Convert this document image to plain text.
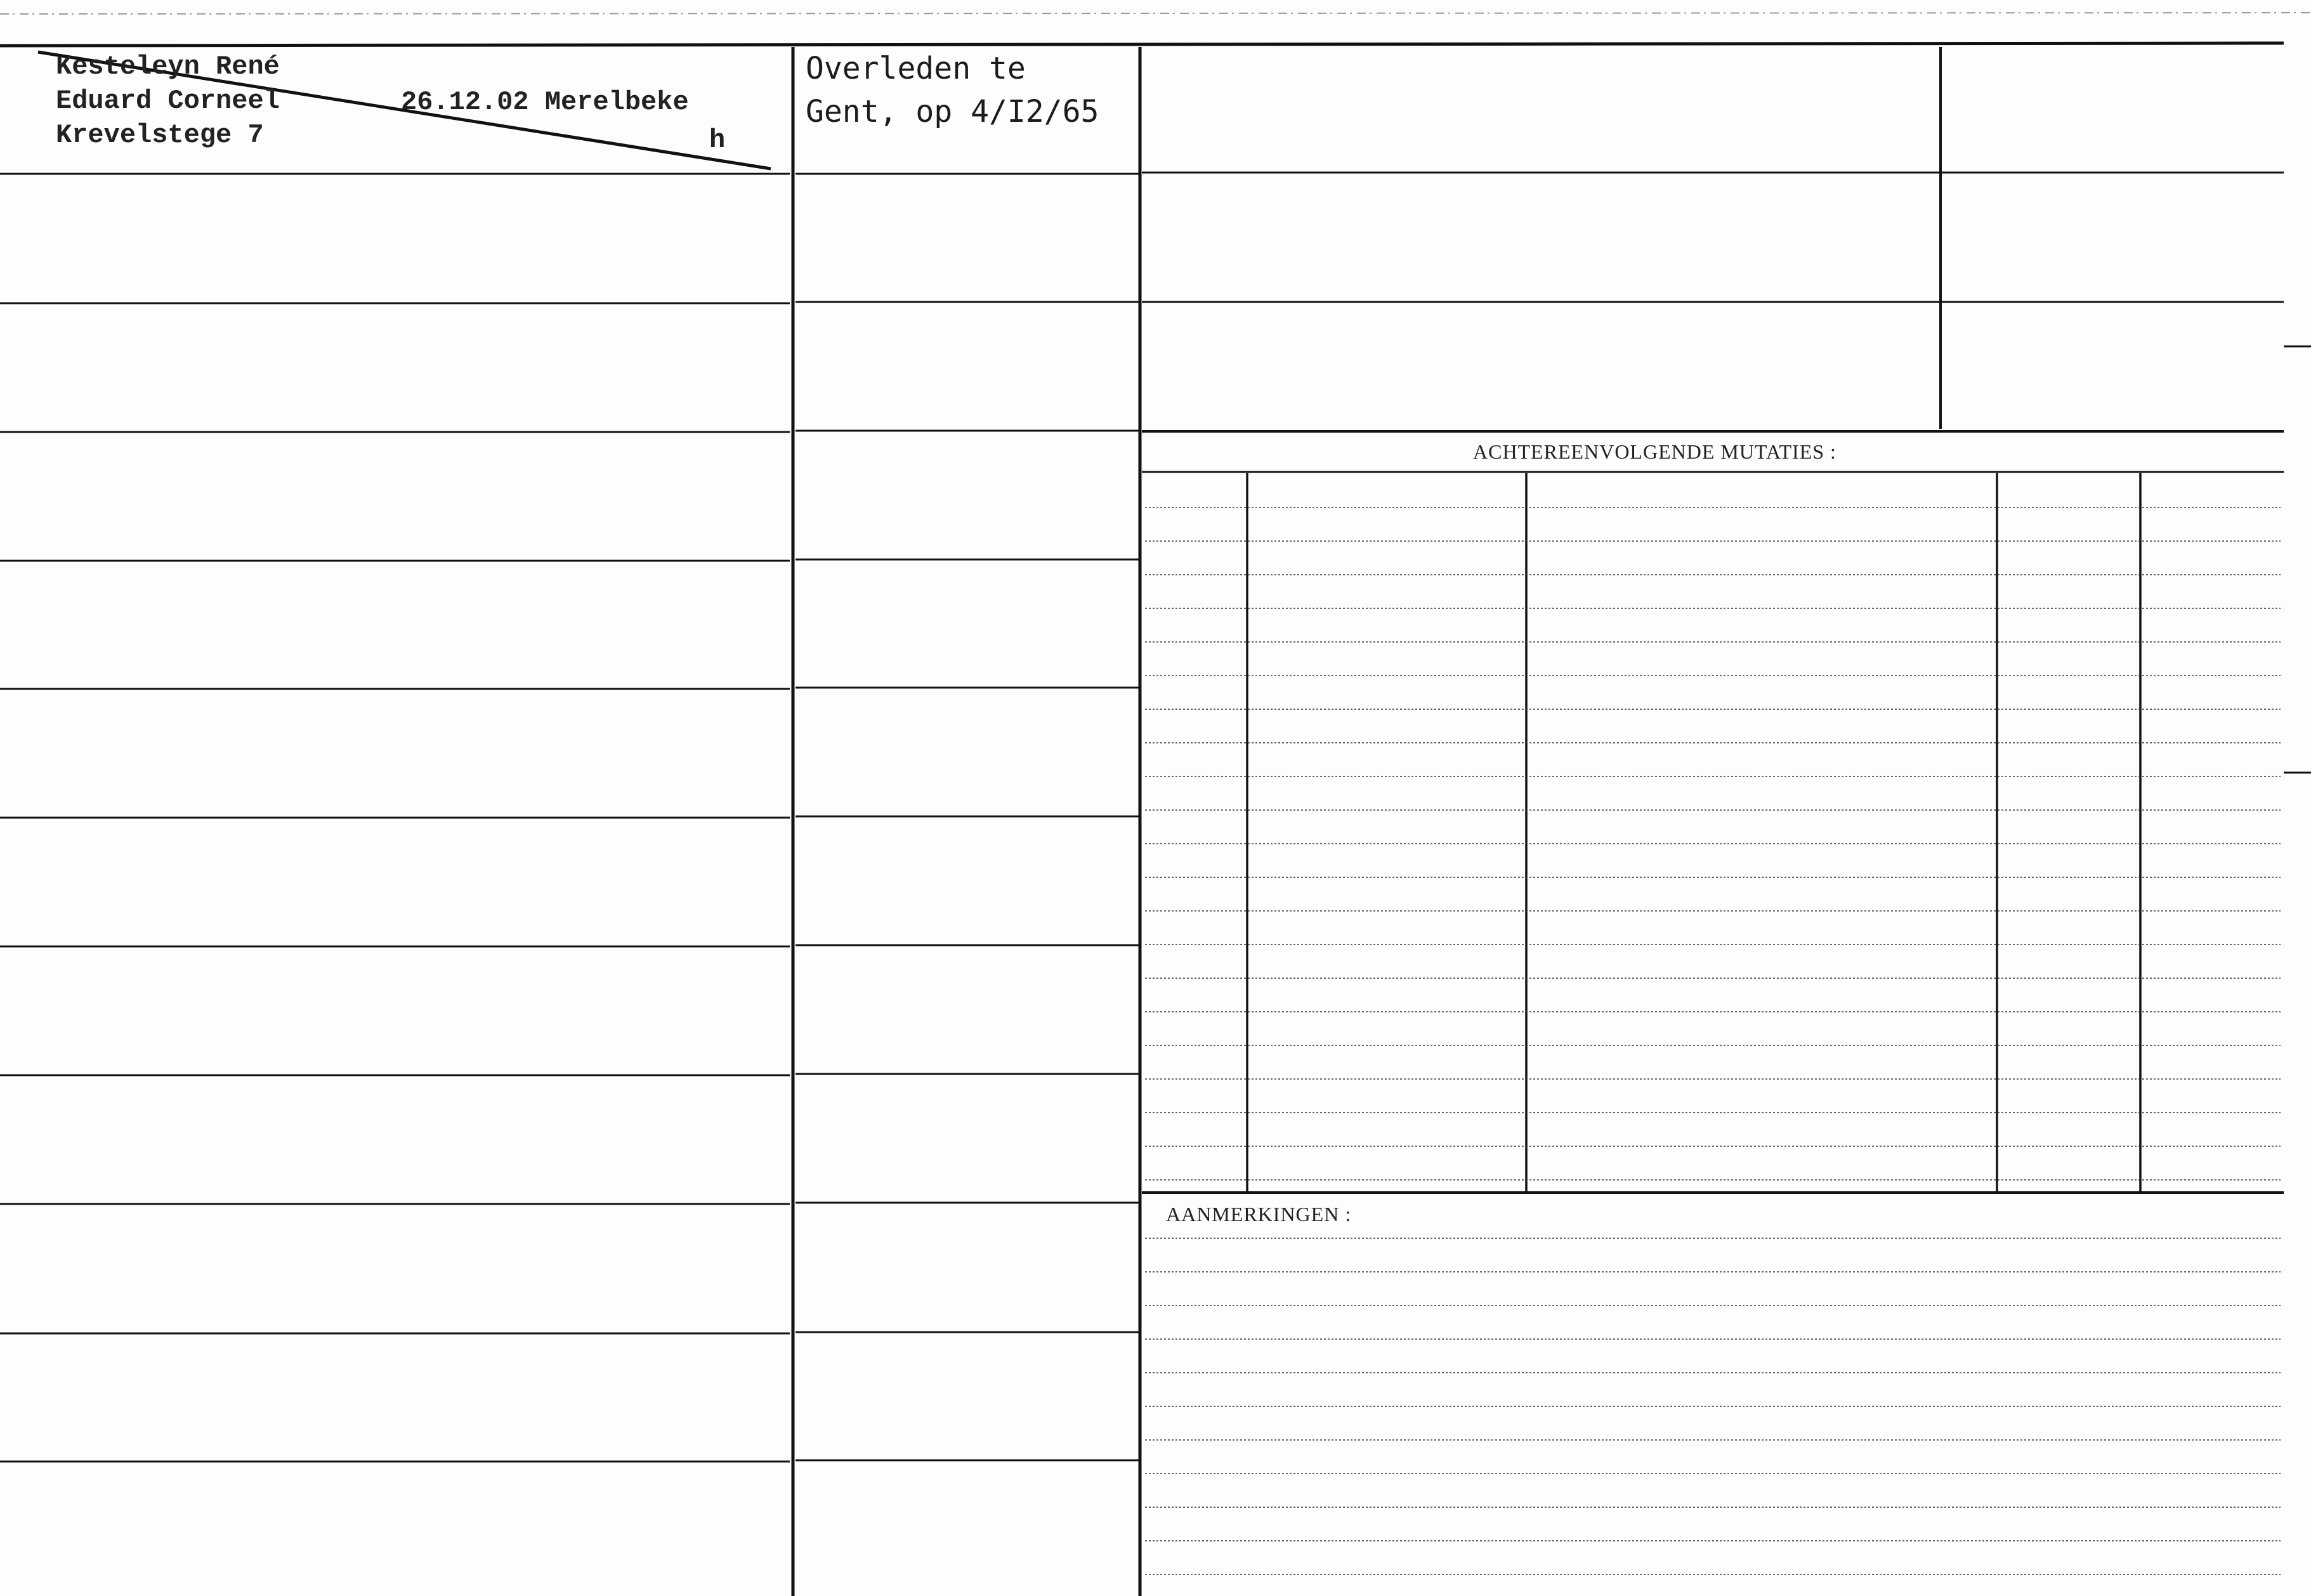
Kesteleyn René
Eduard Corneel
Krevelstege 7
26.12.02 Merelbeke
h
Overleden te
Gent, op 4/I2/65
ACHTEREENVOLGENDE MUTATIES :
AANMERKINGEN :
